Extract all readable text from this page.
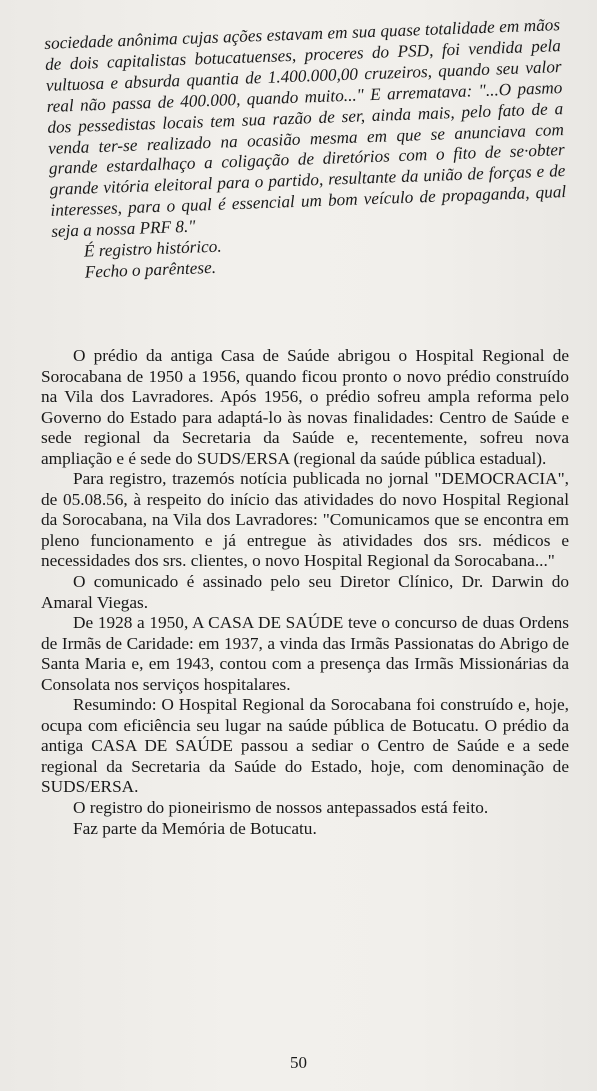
sociedade anônima cujas ações estavam em sua quase totalidade em mãos de dois capitalistas botucatuenses, proceres do PSD, foi vendida pela vultuosa e absurda quantia de 1.400.000,00 cruzeiros, quando seu valor real não passa de 400.000, quando muito..." E arrematava: "...O pasmo dos pessedistas locais tem sua razão de ser, ainda mais, pelo fato de a venda ter-se realizado na ocasião mesma em que se anunciava com grande estardalhaço a coligação de diretórios com o fito de se·obter grande vitória eleitoral para o partido, resultante da união de forças e de interesses, para o qual é essencial um bom veículo de propaganda, qual seja a nossa PRF 8."

É registro histórico.

Fecho o parêntese.

O prédio da antiga Casa de Saúde abrigou o Hospital Regional de Sorocabana de 1950 a 1956, quando ficou pronto o novo prédio construído na Vila dos Lavradores. Após 1956, o prédio sofreu ampla reforma pelo Governo do Estado para adaptá-lo às novas finalidades: Centro de Saúde e sede regional da Secretaria da Saúde e, recentemente, sofreu nova ampliação e é sede do SUDS/ERSA (regional da saúde pública estadual).

Para registro, trazemós notícia publicada no jornal "DEMOCRACIA", de 05.08.56, à respeito do início das atividades do novo Hospital Regional da Sorocabana, na Vila dos Lavradores: "Comunicamos que se encontra em pleno funcionamento e já entregue às atividades dos srs. médicos e necessidades dos srs. clientes, o novo Hospital Regional da Sorocabana..."

O comunicado é assinado pelo seu Diretor Clínico, Dr. Darwin do Amaral Viegas.

De 1928 a 1950, A CASA DE SAÚDE teve o concurso de duas Ordens de Irmãs de Caridade: em 1937, a vinda das Irmãs Passionatas do Abrigo de Santa Maria e, em 1943, contou com a presença das Irmãs Missionárias da Consolata nos serviços hospitalares.

Resumindo: O Hospital Regional da Sorocabana foi construído e, hoje, ocupa com eficiência seu lugar na saúde pública de Botucatu. O prédio da antiga CASA DE SAÚDE passou a sediar o Centro de Saúde e a sede regional da Secretaria da Saúde do Estado, hoje, com denominação de SUDS/ERSA.

O registro do pioneirismo de nossos antepassados está feito.

Faz parte da Memória de Botucatu.

50
